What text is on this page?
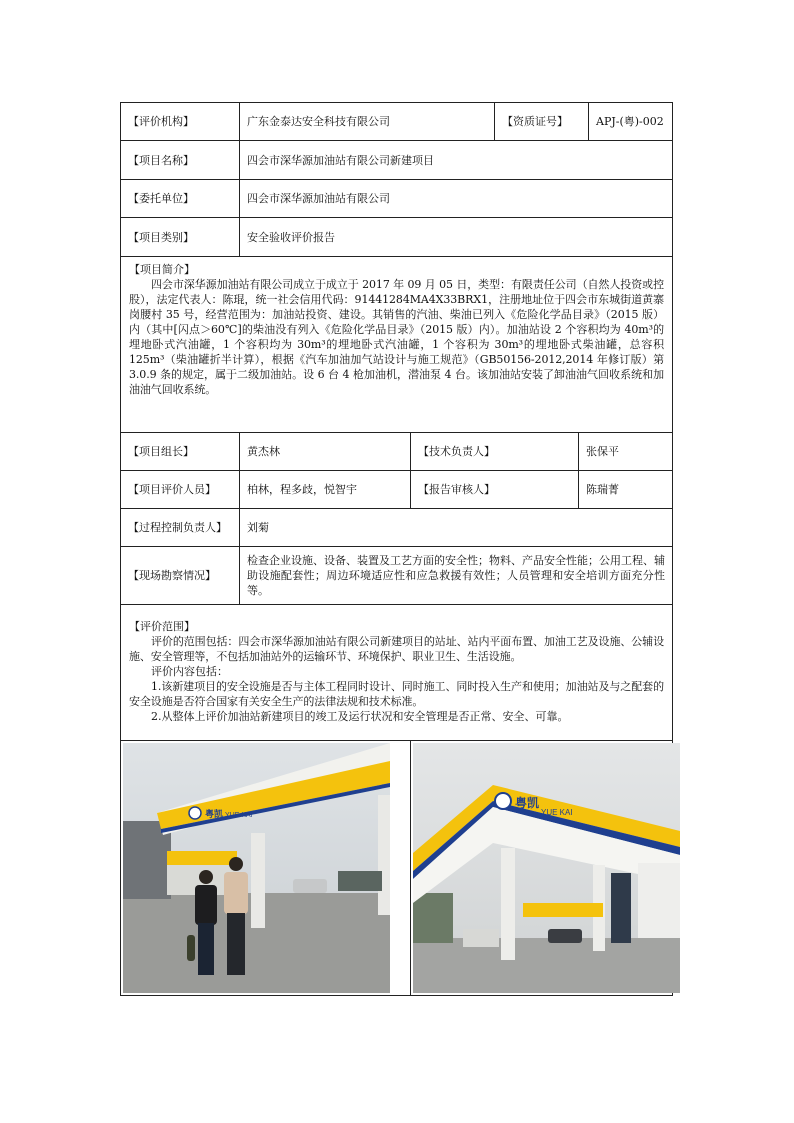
【评价机构】	广东金泰达安全科技有限公司		【资质证号】		APJ-(粤)-002
【项目名称】	四会市深华源加油站有限公司新建项目				
【委托单位】	四会市深华源加油站有限公司				
【项目类别】	安全验收评价报告				

【项目简介】
四会市深华源加油站有限公司成立于成立于 2017 年 09 月 05 日，类型：有限责任公司（自然人投资或控股），法定代表人：陈琨，统一社会信用代码：91441284MA4X33BRX1，注册地址位于四会市东城街道黄寨岗腰村 35 号，经营范围为：加油站投资、建设。其销售的汽油、柴油已列入《危险化学品目录》（2015 版）内（其中[闪点＞60℃]的柴油没有列入《危险化学品目录》（2015 版）内）。加油站设 2 个容积均为 40m³的埋地卧式汽油罐，1 个容积均为 30m³的埋地卧式汽油罐，1 个容积为 30m³的埋地卧式柴油罐，总容积 125m³（柴油罐折半计算），根据《汽车加油加气站设计与施工规范》（GB50156-2012,2014 年修订版）第 3.0.9 条的规定，属于二级加油站。设 6 台 4 枪加油机，潜油泵 4 台。该加油站安装了卸油油气回收系统和加油油气回收系统。					

【项目组长】	黄杰林	【技术负责人】		张保平	
【项目评价人员】	柏林，程多歧，悦智宇	【报告审核人】		陈瑞菁	
【过程控制负责人】	刘菊				
【现场勘察情况】	检查企业设施、设备、装置及工艺方面的安全性；物料、产品安全性能；公用工程、辅助设施配套性；周边环境适应性和应急救援有效性；人员管理和安全培训方面充分性等。				

【评价范围】
评价的范围包括：四会市深华源加油站有限公司新建项目的站址、站内平面布置、加油工艺及设施、公辅设施、安全管理等，不包括加油站外的运输环节、环境保护、职业卫生、生活设施。
评价内容包括：
1.该新建项目的安全设施是否与主体工程同时设计、同时施工、同时投入生产和使用；加油站及与之配套的安全设施是否符合国家有关安全生产的法律法规和技术标准。
2.从整体上评价加油站新建项目的竣工及运行状况和安全管理是否正常、安全、可靠。					

粤凯 YUE KAI		粤凯
YUE KAI			
